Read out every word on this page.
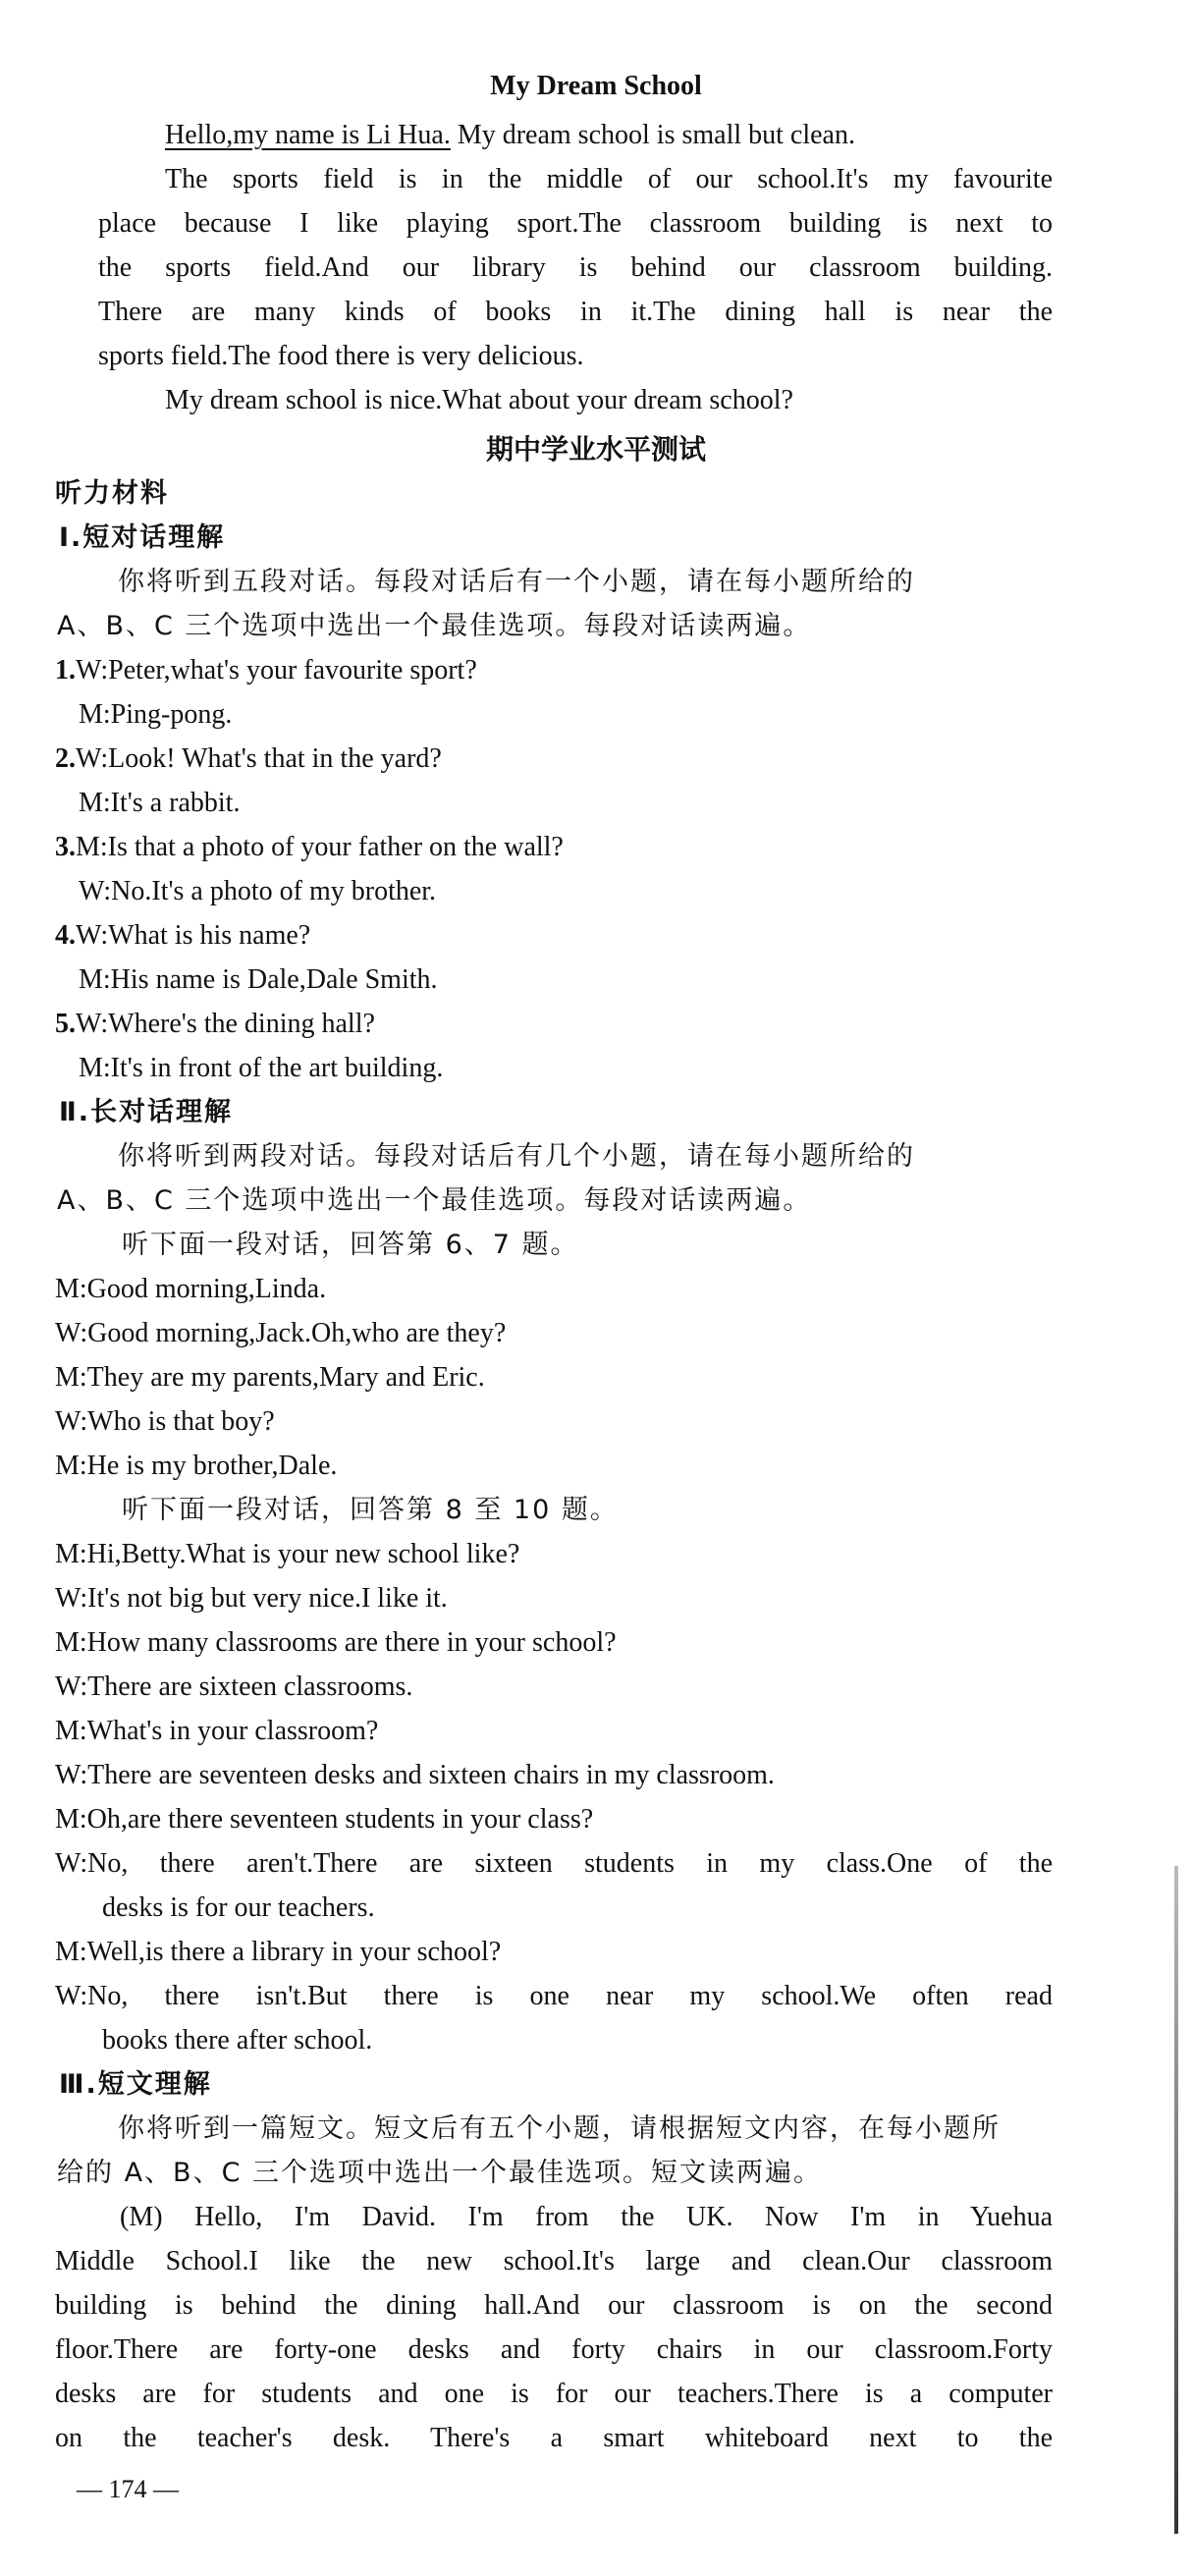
My Dream School
Hello,my name is Li Hua. My dream school is small but clean.
The sports field is in the middle of our school.It's my favourite
place because I like playing sport.The classroom building is next to
the sports field.And our library is behind our classroom building.
There are many kinds of books in it.The dining hall is near the
sports field.The food there is very delicious.
My dream school is nice.What about your dream school?
期中学业水平测试
听力材料
Ⅰ.短对话理解
你将听到五段对话。每段对话后有一个小题，请在每小题所给的
A、B、C 三个选项中选出一个最佳选项。每段对话读两遍。
1.W:Peter,what's your favourite sport?
M:Ping-pong.
2.W:Look! What's that in the yard?
M:It's a rabbit.
3.M:Is that a photo of your father on the wall?
W:No.It's a photo of my brother.
4.W:What is his name?
M:His name is Dale,Dale Smith.
5.W:Where's the dining hall?
M:It's in front of the art building.
Ⅱ.长对话理解
你将听到两段对话。每段对话后有几个小题，请在每小题所给的
A、B、C 三个选项中选出一个最佳选项。每段对话读两遍。
听下面一段对话，回答第 6、7 题。
M:Good morning,Linda.
W:Good morning,Jack.Oh,who are they?
M:They are my parents,Mary and Eric.
W:Who is that boy?
M:He is my brother,Dale.
听下面一段对话，回答第 8 至 10 题。
M:Hi,Betty.What is your new school like?
W:It's not big but very nice.I like it.
M:How many classrooms are there in your school?
W:There are sixteen classrooms.
M:What's in your classroom?
W:There are seventeen desks and sixteen chairs in my classroom.
M:Oh,are there seventeen students in your class?
W:No, there aren't.There are sixteen students in my class.One of the
desks is for our teachers.
M:Well,is there a library in your school?
W:No, there isn't.But there is one near my school.We often read
books there after school.
Ⅲ.短文理解
你将听到一篇短文。短文后有五个小题，请根据短文内容，在每小题所
给的 A、B、C 三个选项中选出一个最佳选项。短文读两遍。
(M) Hello, I'm David. I'm from the UK. Now I'm in Yuehua
Middle School.I like the new school.It's large and clean.Our classroom
building is behind the dining hall.And our classroom is on the second
floor.There are forty-one desks and forty chairs in our classroom.Forty
desks are for students and one is for our teachers.There is a computer
on the teacher's desk. There's a smart whiteboard next to the
— 174 —
